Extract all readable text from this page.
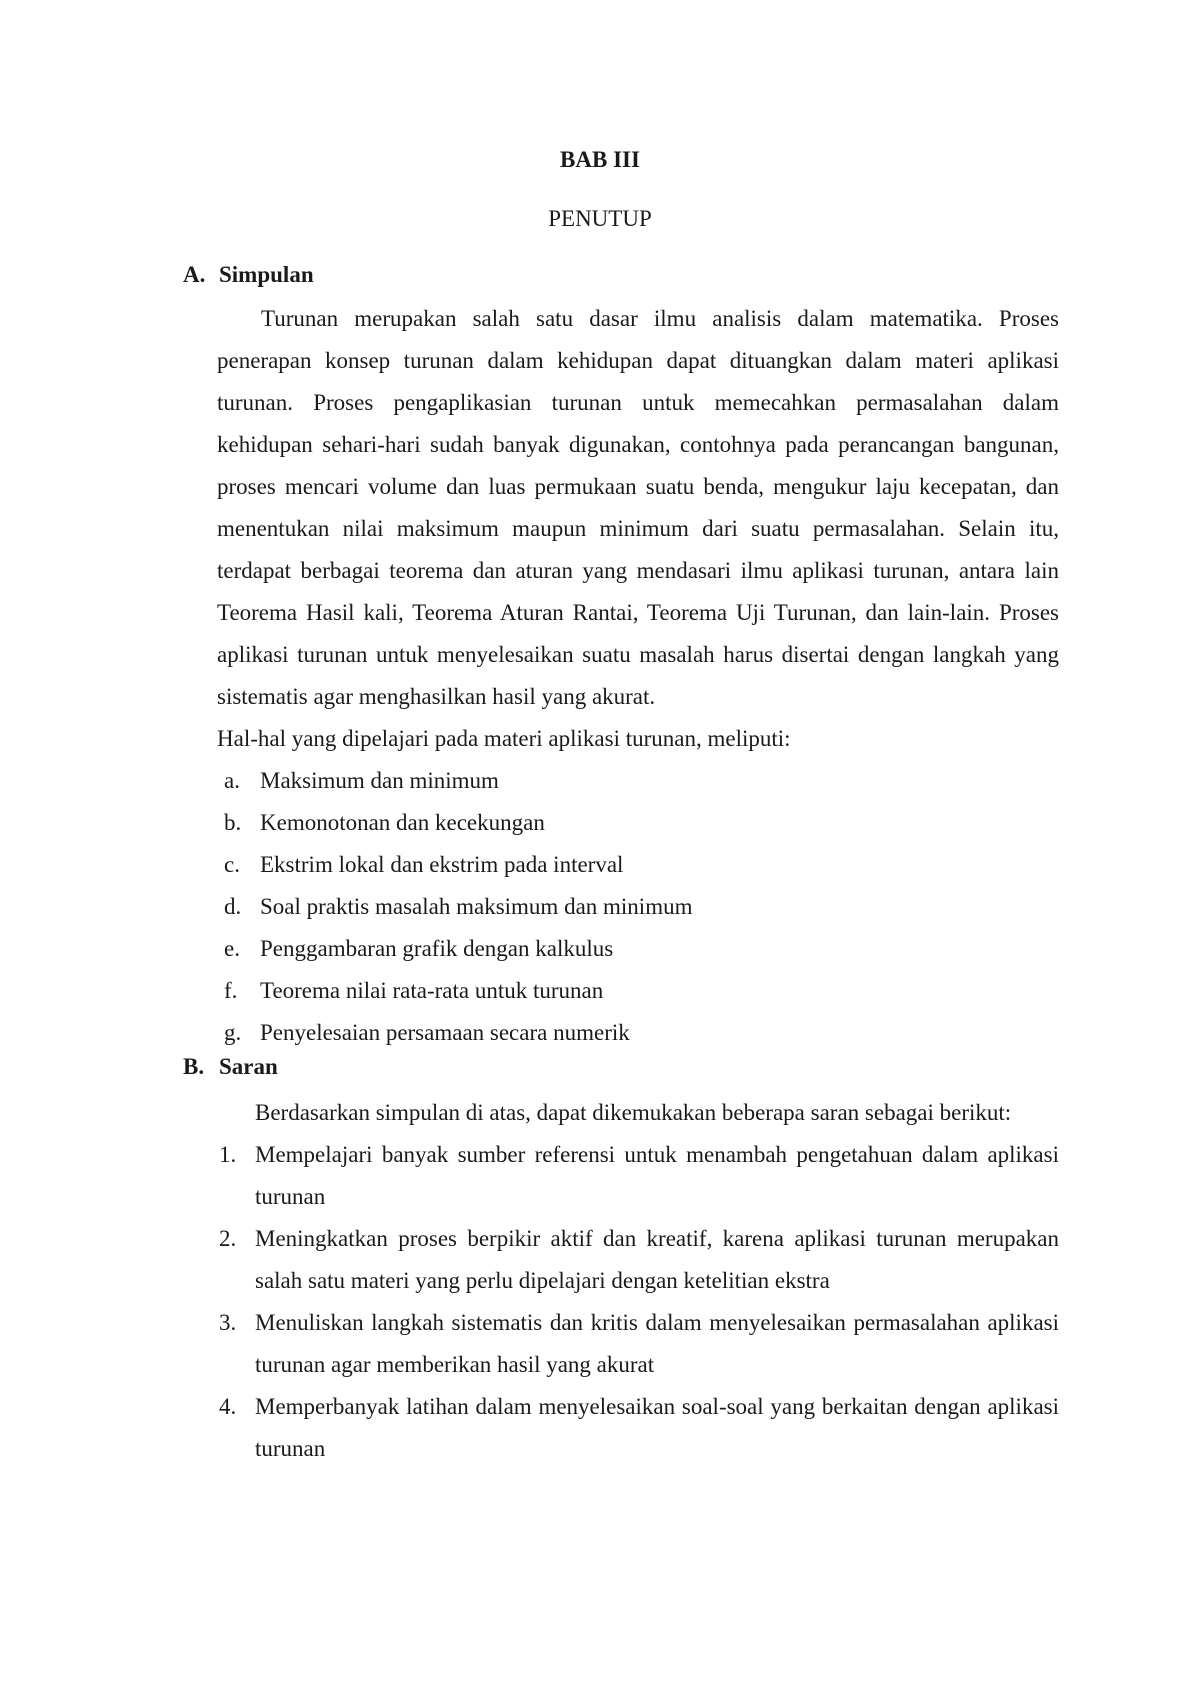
BAB III
PENUTUP
A. Simpulan

Turunan merupakan salah satu dasar ilmu analisis dalam matematika. Proses penerapan konsep turunan dalam kehidupan dapat dituangkan dalam materi aplikasi turunan. Proses pengaplikasian turunan untuk memecahkan permasalahan dalam kehidupan sehari-hari sudah banyak digunakan, contohnya pada perancangan bangunan, proses mencari volume dan luas permukaan suatu benda, mengukur laju kecepatan, dan menentukan nilai maksimum maupun minimum dari suatu permasalahan. Selain itu, terdapat berbagai teorema dan aturan yang mendasari ilmu aplikasi turunan, antara lain Teorema Hasil kali, Teorema Aturan Rantai, Teorema Uji Turunan, dan lain-lain. Proses aplikasi turunan untuk menyelesaikan suatu masalah harus disertai dengan langkah yang sistematis agar menghasilkan hasil yang akurat.

Hal-hal yang dipelajari pada materi aplikasi turunan, meliputi:

a. Maksimum dan minimum
b. Kemonotonan dan kecekungan
c. Ekstrim lokal dan ekstrim pada interval
d. Soal praktis masalah maksimum dan minimum
e. Penggambaran grafik dengan kalkulus
f. Teorema nilai rata-rata untuk turunan
g. Penyelesaian persamaan secara numerik
B. Saran

Berdasarkan simpulan di atas, dapat dikemukakan beberapa saran sebagai berikut:

1. Mempelajari banyak sumber referensi untuk menambah pengetahuan dalam aplikasi turunan
2. Meningkatkan proses berpikir aktif dan kreatif, karena aplikasi turunan merupakan salah satu materi yang perlu dipelajari dengan ketelitian ekstra
3. Menuliskan langkah sistematis dan kritis dalam menyelesaikan permasalahan aplikasi turunan agar memberikan hasil yang akurat
4. Memperbanyak latihan dalam menyelesaikan soal-soal yang berkaitan dengan aplikasi turunan
